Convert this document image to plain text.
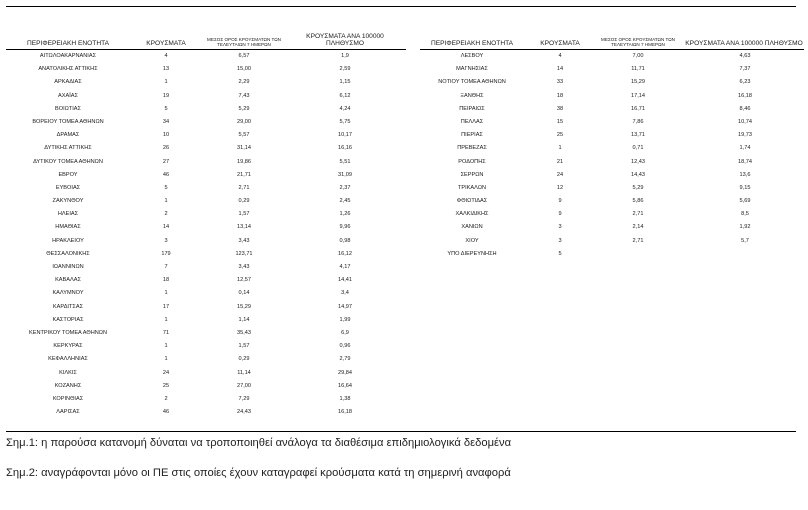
ΠΕΡΙΦΕΡΕΙΑΚΗ ΕΝΟΤΗΤΑ	ΚΡΟΥΣΜΑΤΑ
ΜΕΣΟΣ ΟΡΟΣ ΚΡΟΥΣΜΑΤΩΝ ΤΩΝ
ΤΕΛΕΥΤΑΙΩΝ 7 ΗΜΕΡΩΝ
ΚΡΟΥΣΜΑΤΑ ΑΝΑ 100000 ΠΛΗΘΥΣΜΟ
ΑΙΤΩΛΟΑΚΑΡΝΑΝΙΑΣ	4	6,57	1,9
ΑΝΑΤΟΛΙΚΗΣ ΑΤΤΙΚΗΣ	13	15,00	2,59
ΑΡΚΑΔΙΑΣ	1	2,29	1,15
ΑΧΑΪΑΣ	19	7,43	6,12
ΒΟΙΩΤΙΑΣ	5	5,29	4,24
ΒΟΡΕΙΟΥ ΤΟΜΕΑ ΑΘΗΝΩΝ	34	29,00	5,75
ΔΡΑΜΑΣ	10	5,57	10,17
ΔΥΤΙΚΗΣ ΑΤΤΙΚΗΣ	26	31,14	16,16
ΔΥΤΙΚΟΥ ΤΟΜΕΑ ΑΘΗΝΩΝ	27	19,86	5,51
ΕΒΡΟΥ	46	21,71	31,09
ΕΥΒΟΙΑΣ	5	2,71	2,37
ΖΑΚΥΝΘΟΥ	1	0,29	2,45
ΗΛΕΙΑΣ	2	1,57	1,26
ΗΜΑΘΙΑΣ	14	13,14	9,96
ΗΡΑΚΛΕΙΟΥ	3	3,43	0,98
ΘΕΣΣΑΛΟΝΙΚΗΣ	179	123,71	16,12
ΙΩΑΝΝΙΝΩΝ	7	3,43	4,17
ΚΑΒΑΛΑΣ	18	12,57	14,41
ΚΑΛΥΜΝΟΥ	1	0,14	3,4
ΚΑΡΔΙΤΣΑΣ	17	15,29	14,97
ΚΑΣΤΟΡΙΑΣ	1	1,14	1,99
ΚΕΝΤΡΙΚΟΥ ΤΟΜΕΑ ΑΘΗΝΩΝ	71	35,43	6,9
ΚΕΡΚΥΡΑΣ	1	1,57	0,96
ΚΕΦΑΛΛΗΝΙΑΣ	1	0,29	2,79
ΚΙΛΚΙΣ	24	11,14	29,84
ΚΟΖΑΝΗΣ	25	27,00	16,64
ΚΟΡΙΝΘΙΑΣ	2	7,29	1,38
ΛΑΡΙΣΑΣ	46	24,43	16,18
ΠΕΡΙΦΕΡΕΙΑΚΗ ΕΝΟΤΗΤΑ	ΚΡΟΥΣΜΑΤΑ
ΜΕΣΟΣ ΟΡΟΣ ΚΡΟΥΣΜΑΤΩΝ ΤΩΝ
ΤΕΛΕΥΤΑΙΩΝ 7 ΗΜΕΡΩΝ	ΚΡΟΥΣΜΑΤΑ ΑΝΑ 100000 ΠΛΗΘΥΣΜΟ
ΛΕΣΒΟΥ	4	7,00	4,63
ΜΑΓΝΗΣΙΑΣ	14	11,71	7,37
ΝΟΤΙΟΥ ΤΟΜΕΑ ΑΘΗΝΩΝ	33	15,29	6,23
ΞΑΝΘΗΣ	18	17,14	16,18
ΠΕΙΡΑΙΩΣ	38	16,71	8,46
ΠΕΛΛΑΣ	15	7,86	10,74
ΠΙΕΡΙΑΣ	25	13,71	19,73
ΠΡΕΒΕΖΑΣ	1	0,71	1,74
ΡΟΔΟΠΗΣ	21	12,43	18,74
ΣΕΡΡΩΝ	24	14,43	13,6
ΤΡΙΚΑΛΩΝ	12	5,29	9,15
ΦΘΙΩΤΙΔΑΣ	9	5,86	5,69
ΧΑΛΚΙΔΙΚΗΣ	9	2,71	8,5
ΧΑΝΙΩΝ	3	2,14	1,92
ΧΙΟΥ	3	2,71	5,7
ΥΠΟ ΔΙΕΡΕΥΝΗΣΗ	5
Σημ.1: η παρούσα κατανομή δύναται να τροποποιηθεί ανάλογα τα διαθέσιμα επιδημιολογικά δεδομένα
Σημ.2: αναγράφονται μόνο οι ΠΕ στις οποίες έχουν καταγραφεί κρούσματα κατά τη σημερινή αναφορά
